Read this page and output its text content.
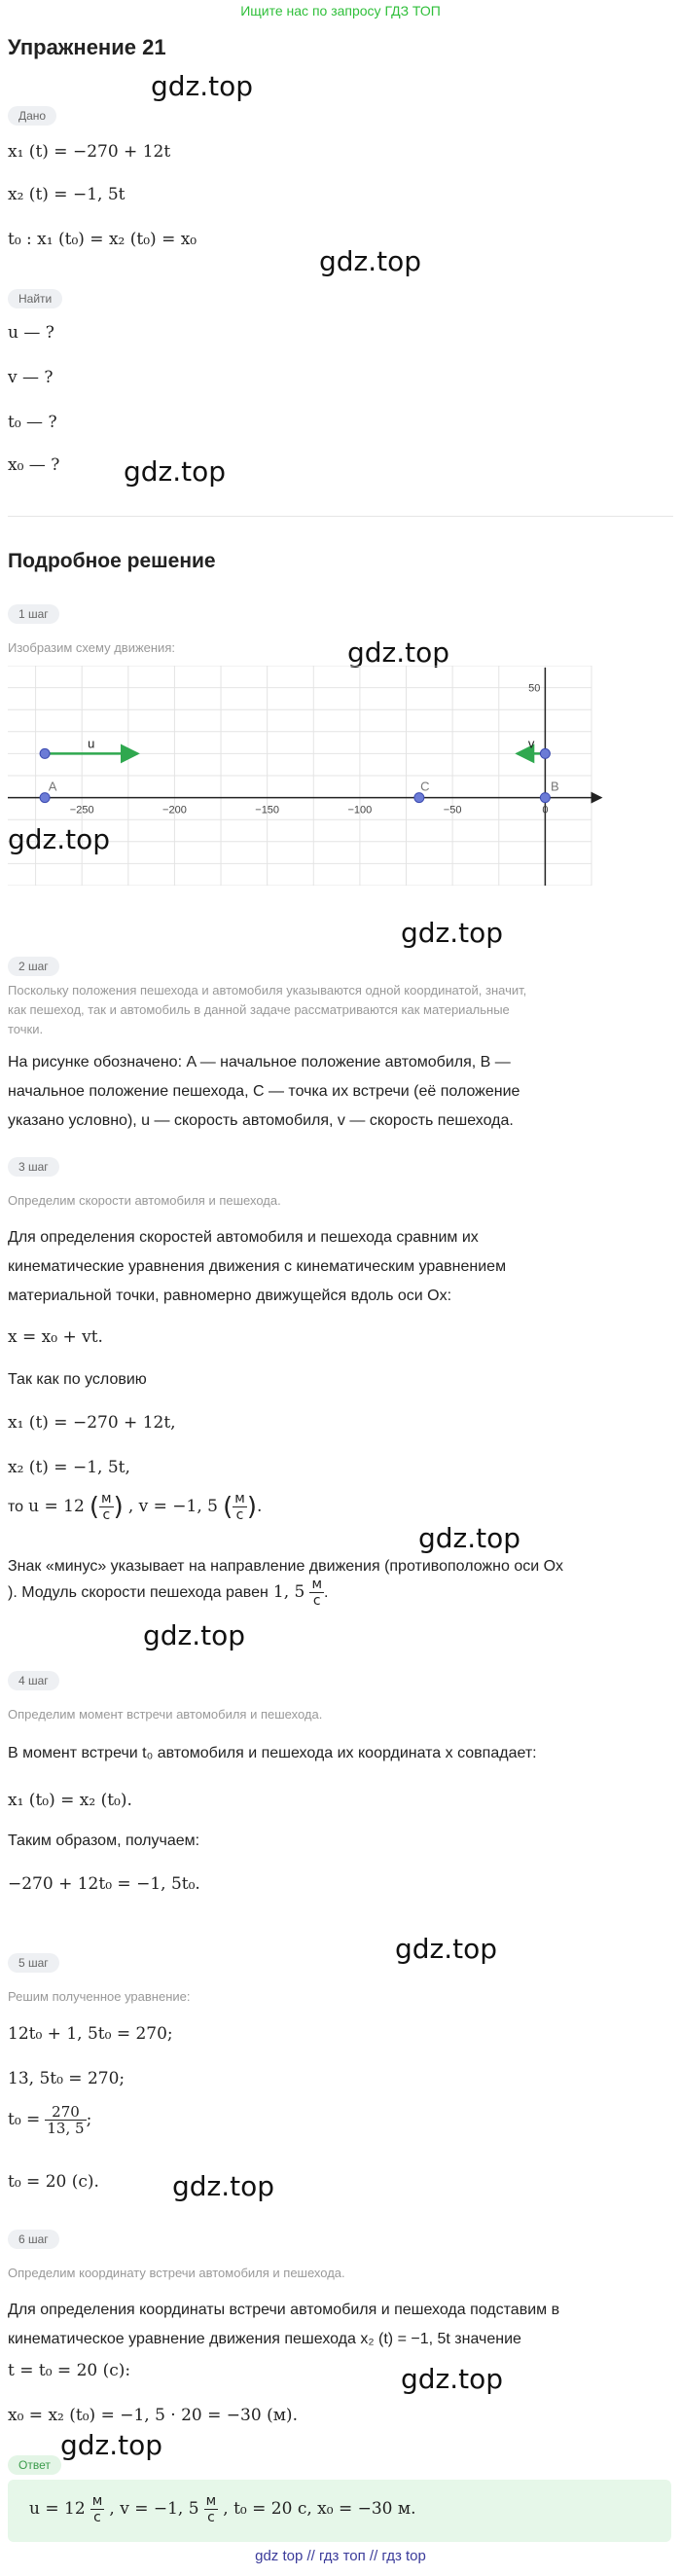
Ищите нас по запросу ГДЗ ТОП
Упражнение 21
gdz.top
Дано
x₁ (t) = −270 + 12t
x₂ (t) = −1, 5t
t₀ : x₁ (t₀) = x₂ (t₀) = x₀
gdz.top
Найти
u — ?
v — ?
t₀ — ?
x₀ — ? gdz.top
Подробное решение
1 шаг
Изобразим схему движения:	gdz.top
−250	−200	−150	−100	−50	0
50
u	v
A	B
C
gdz.top
gdz.top
2 шаг
Поскольку положения пешехода и автомобиля указываются одной координатой, значит,
как пешеход, так и автомобиль в данной задаче рассматриваются как материальные
точки.
На рисунке обозначено: A — начальное положение автомобиля, B —
начальное положение пешехода, C — точка их встречи (её положение
указано условно), u — скорость автомобиля, v — скорость пешехода.
3 шаг
Определим скорости автомобиля и пешехода.
Для определения скоростей автомобиля и пешехода сравним их
кинематические уравнения движения с кинематическим уравнением
материальной точки, равномерно движущейся вдоль оси Ox:
x = x₀ + vt.
Так как по условию
x₁ (t) = −270 + 12t,
x₂ (t) = −1, 5t,
то u = 12 ( $\frac{м}{с}$ ) , v = −1, 5 ( $\frac{м}{с}$ ).
gdz.top
Знак «минус» указывает на направление движения (противоположно оси Ox
). Модуль скорости пешехода равен 1, $5 \frac{м}{с}$ .
gdz.top
4 шаг
Определим момент встречи автомобиля и пешехода.
В момент встречи t₀ автомобиля и пешехода их координата x совпадает:
x₁ (t₀) = x₂ (t₀).
Таким образом, получаем:
−270 + 12t₀ = −1, 5t₀.
gdz.top
5 шаг
Решим полученное уравнение:
12t₀ + 1, 5t₀ = 270;
13, 5t₀ = 270;
$t_0 = \frac{270}{13, 5}$ ;
t₀ = 20 (с).	gdz.top
6 шаг
Определим координату встречи автомобиля и пешехода.
Для определения координаты встречи автомобиля и пешехода подставим в
кинематическое уравнение движения пешехода x₂ (t) = −1, 5t значение
t = t₀ = 20 (с):	gdz.top
x₀ = x₂ (t₀) = −1, 5 · 20 = −30 (м).
gdz.top
Ответ
$u = 12 \frac{м}{с}$ , v = −1, $5 \frac{м}{с}$ , t₀ = 20 с, x₀ = −30 м.
gdz top // гдз топ // гдз top
